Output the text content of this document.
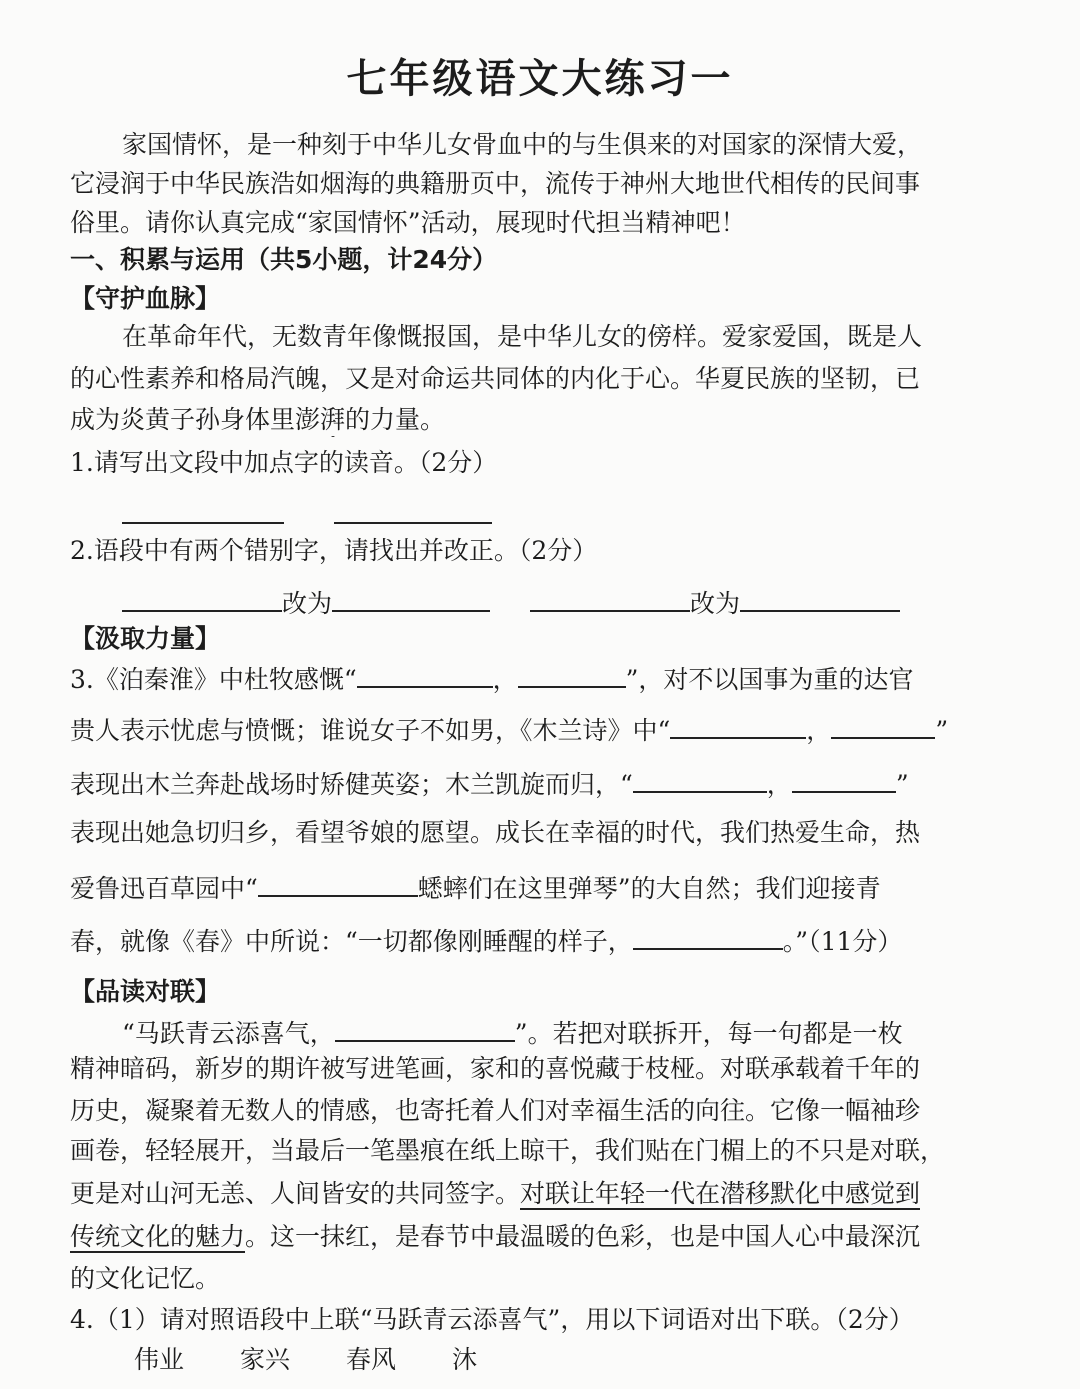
七年级语文大练习一
家国情怀，是一种刻于中华儿女骨血中的与生俱来的对国家的深情大爱，
它浸润于中华民族浩如烟海的典籍册页中，流传于神州大地世代相传的民间事
俗里。请你认真完成“家国情怀”活动，展现时代担当精神吧！
一、积累与运用（共5小题，计24分）
【守护血脉】
在革命年代，无数青年像慨报国，是中华儿女的傍样。爱家爱国，既是人
的心性素养和格局汽魄，又是对命运共同体的内化于心。华夏民族的坚韧，已
成为炎黄子孙身体里澎湃的力量。
1.请写出文段中加点字的读音。（2分）
2.语段中有两个错别字，请找出并改正。（2分）
改为	改为
【汲取力量】
3.《泊秦淮》中杜牧感慨“	，	”，对不以国事为重的达官
贵人表示忧虑与愤慨；谁说女子不如男，《木兰诗》中“	，	”
表现出木兰奔赴战场时矫健英姿；木兰凯旋而归，“	，	”
表现出她急切归乡，看望爷娘的愿望。成长在幸福的时代，我们热爱生命，热
爱鲁迅百草园中“	蟋蟀们在这里弹琴”的大自然；我们迎接青
春，就像《春》中所说：“一切都像刚睡醒的样子，	。”（11分）
【品读对联】
“马跃青云添喜气，	”。若把对联拆开，每一句都是一枚
精神暗码，新岁的期许被写进笔画，家和的喜悦藏于枝桠。对联承载着千年的
历史，凝聚着无数人的情感，也寄托着人们对幸福生活的向往。它像一幅袖珍
画卷，轻轻展开，当最后一笔墨痕在纸上晾干，我们贴在门楣上的不只是对联，
更是对山河无恙、人间皆安的共同签字。对联让年轻一代在潜移默化中感觉到
传统文化的魅力。这一抹红，是春节中最温暖的色彩，也是中国人心中最深沉
的文化记忆。
4.（1）请对照语段中上联“马跃青云添喜气”，用以下词语对出下联。（2分）
伟业 家兴 春风 沐
